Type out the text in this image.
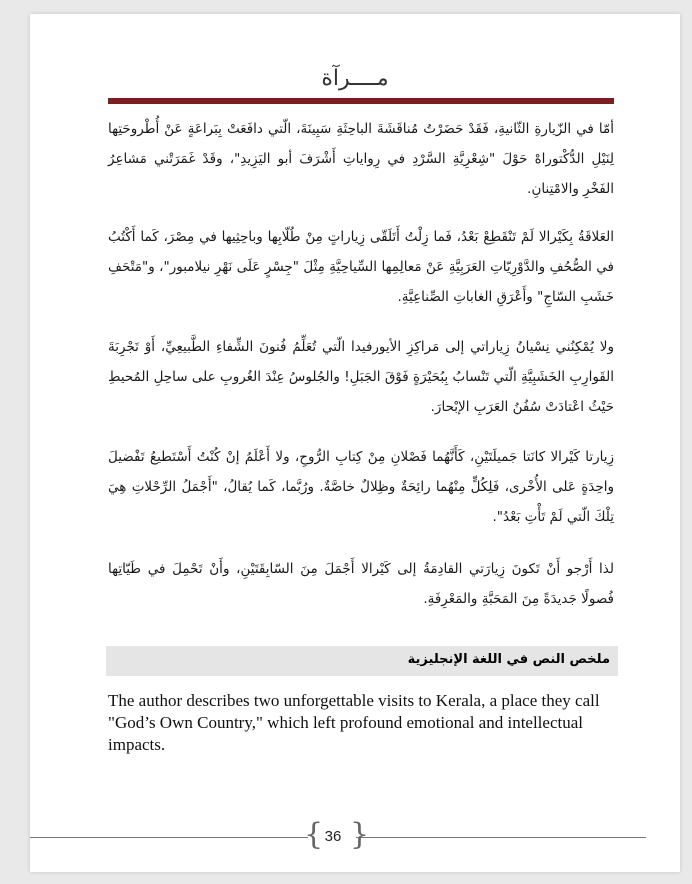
مــــرآة

أمّا في الزّيارةِ الثّانيةِ، فَقَدْ حَضَرْتُ مُناقَشَةَ الباحِثَةِ سَبِينَةَ، الّتي دافَعَتْ بِبَراعَةٍ عَنْ أُطْروحَتِها لِنَيْلِ الدُّكْتوراهْ حَوْلَ "شِعْرِيَّةِ السَّرْدِ في رِواياتِ أَشْرَفَ أبو اليَزِيدِ"، وقَدْ غَمَرَتْني مَشاعِرُ الفَخْرِ والامْتِنانِ.

العَلاقَةُ بِكَيْرالا لَمْ تَنْقَطِعْ بَعْدُ، فَما زِلْتُ أَتَلَقّى زِياراتٍ مِنْ طُلّابِها وباحِثِيها في مِصْرَ، كَما أَكْتُبُ في الصُّحُفِ والدَّوْرِيّاتِ العَرَبِيَّةِ عَنْ مَعالِمِها السِّياحِيَّةِ مِثْلَ "جِسْرٍ عَلَى نَهْرِ نيلامبور"، و"مَتْحَفِ خَشَبِ السّاجِ" وأَعْرَقِ الغاباتِ الصِّناعِيَّةِ.

ولا يُمْكِنُني نِسْيانُ زِياراتي إلى مَراكِزِ الأيورفيدا الّتي تُعَلِّمُ فُنونَ الشِّفاءِ الطَّبيعِيِّ، أَوْ تَجْرِبَةَ القَوارِبِ الخَشَبِيَّةِ الّتي تَنْسابُ بِبُحَيْرَةٍ فَوْقَ الجَبَلِ! والجُلوسُ عِنْدَ الغُروبِ على ساحِلِ المُحيطِ حَيْثُ اعْتادَتْ سُفُنُ العَرَبِ الإبْحارَ.

زِيارتا كَيْرالا كانَتا جَميلَتَيْنِ، كَأَنَّهُما فَصْلانِ مِنْ كِتابِ الرُّوحِ، ولا أَعْلَمُ إنْ كُنْتُ أَسْتَطيعُ تَفْضيلَ واحِدَةٍ عَلى الأُخْرى، فَلِكُلٍّ مِنْهُما رائِحَةٌ وظِلالٌ خاصَّةٌ. ورُبَّما، كَما يُقالُ، "أَجْمَلُ الرِّحْلاتِ هِيَ تِلْكَ الّتي لَمْ تَأْتِ بَعْدُ".

لذا أَرْجو أَنْ تَكونَ زِيارَتي القادِمَةُ إلى كَيْرالا أَجْمَلَ مِنَ السّابِقَتَيْنِ، وأَنْ تَحْمِلَ في طَيّاتِها فُصولًا جَديدَةً مِنَ المَحَبَّةِ والمَعْرِفَةِ.

ملخص النص في اللغة الإنجليزية

The author describes two unforgettable visits to Kerala, a place they call "God’s Own Country," which left profound emotional and intellectual impacts.

{ 36 }
